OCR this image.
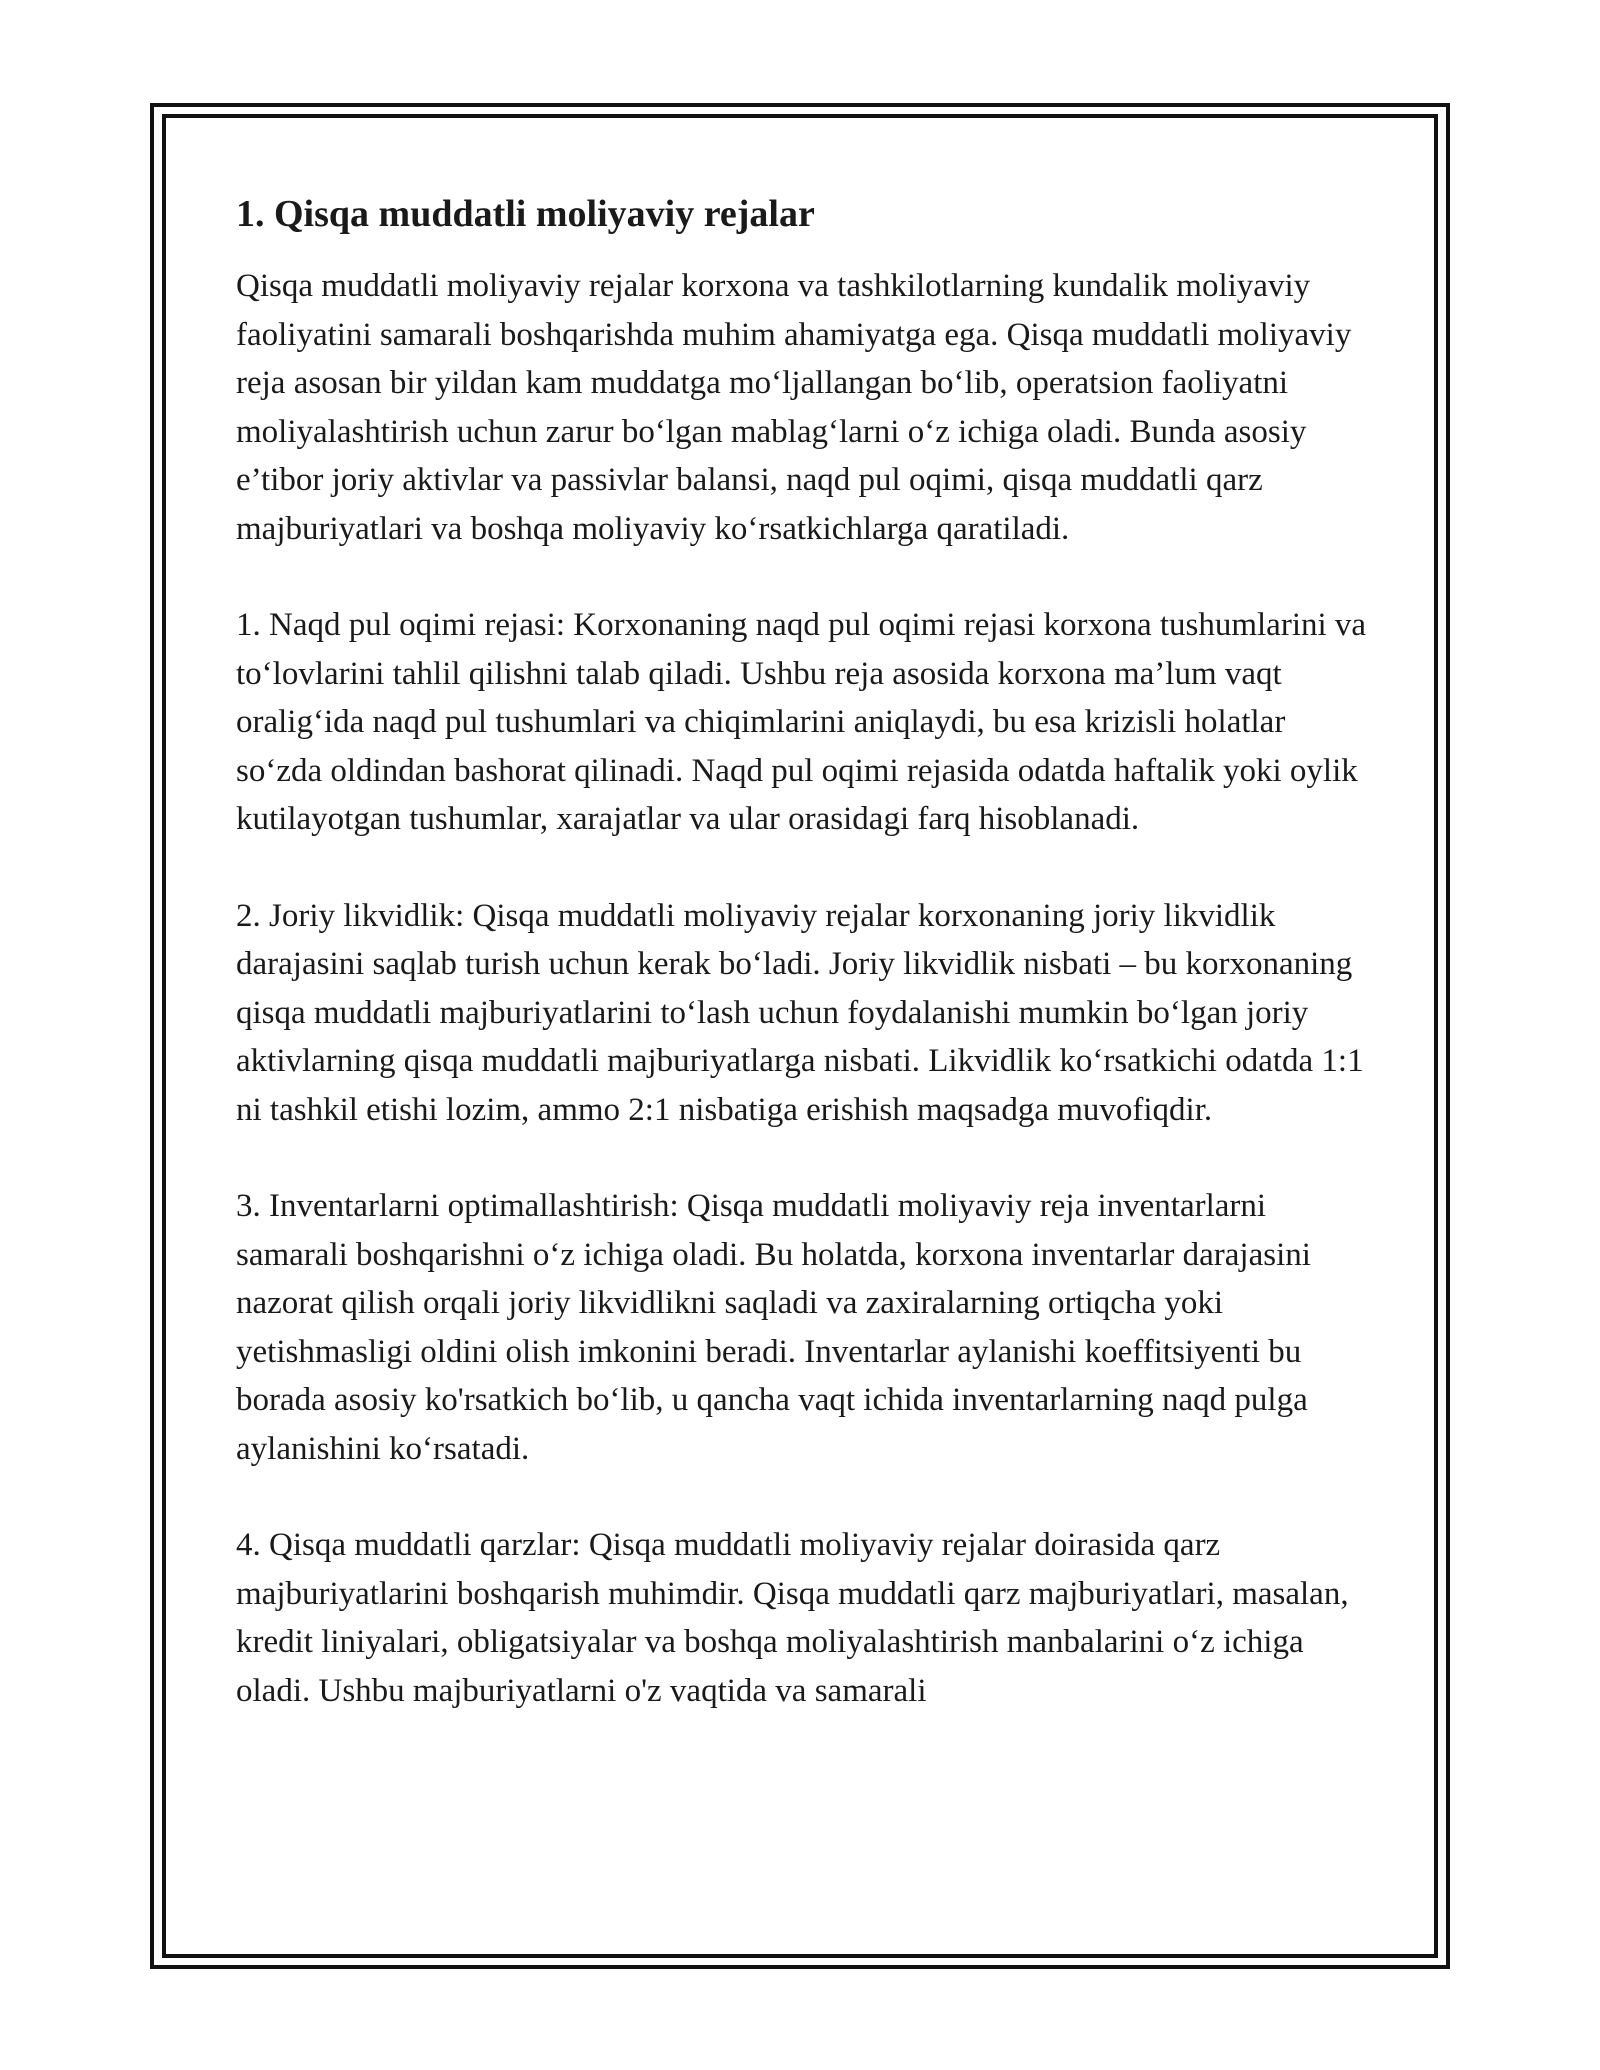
1. Qisqa muddatli moliyaviy rejalar

Qisqa muddatli moliyaviy rejalar korxona va tashkilotlarning kundalik moliyaviy faoliyatini samarali boshqarishda muhim ahamiyatga ega. Qisqa muddatli moliyaviy reja asosan bir yildan kam muddatga mo‘ljallangan bo‘lib, operatsion faoliyatni moliyalashtirish uchun zarur bo‘lgan mablag‘larni o‘z ichiga oladi. Bunda asosiy e’tibor joriy aktivlar va passivlar balansi, naqd pul oqimi, qisqa muddatli qarz majburiyatlari va boshqa moliyaviy ko‘rsatkichlarga qaratiladi.

1. Naqd pul oqimi rejasi: Korxonaning naqd pul oqimi rejasi korxona tushumlarini va to‘lovlarini tahlil qilishni talab qiladi. Ushbu reja asosida korxona ma’lum vaqt oralig‘ida naqd pul tushumlari va chiqimlarini aniqlaydi, bu esa krizisli holatlar so‘zda oldindan bashorat qilinadi. Naqd pul oqimi rejasida odatda haftalik yoki oylik kutilayotgan tushumlar, xarajatlar va ular orasidagi farq hisoblanadi.

2. Joriy likvidlik: Qisqa muddatli moliyaviy rejalar korxonaning joriy likvidlik darajasini saqlab turish uchun kerak bo‘ladi. Joriy likvidlik nisbati – bu korxonaning qisqa muddatli majburiyatlarini to‘lash uchun foydalanishi mumkin bo‘lgan joriy aktivlarning qisqa muddatli majburiyatlarga nisbati. Likvidlik ko‘rsatkichi odatda 1:1 ni tashkil etishi lozim, ammo 2:1 nisbatiga erishish maqsadga muvofiqdir.

3. Inventarlarni optimallashtirish: Qisqa muddatli moliyaviy reja inventarlarni samarali boshqarishni o‘z ichiga oladi. Bu holatda, korxona inventarlar darajasini nazorat qilish orqali joriy likvidlikni saqladi va zaxiralarning ortiqcha yoki yetishmasligi oldini olish imkonini beradi. Inventarlar aylanishi koeffitsiyenti bu borada asosiy ko'rsatkich bo‘lib, u qancha vaqt ichida inventarlarning naqd pulga aylanishini ko‘rsatadi.

4. Qisqa muddatli qarzlar: Qisqa muddatli moliyaviy rejalar doirasida qarz majburiyatlarini boshqarish muhimdir. Qisqa muddatli qarz majburiyatlari, masalan, kredit liniyalari, obligatsiyalar va boshqa moliyalashtirish manbalarini o‘z ichiga oladi. Ushbu majburiyatlarni o'z vaqtida va samarali
